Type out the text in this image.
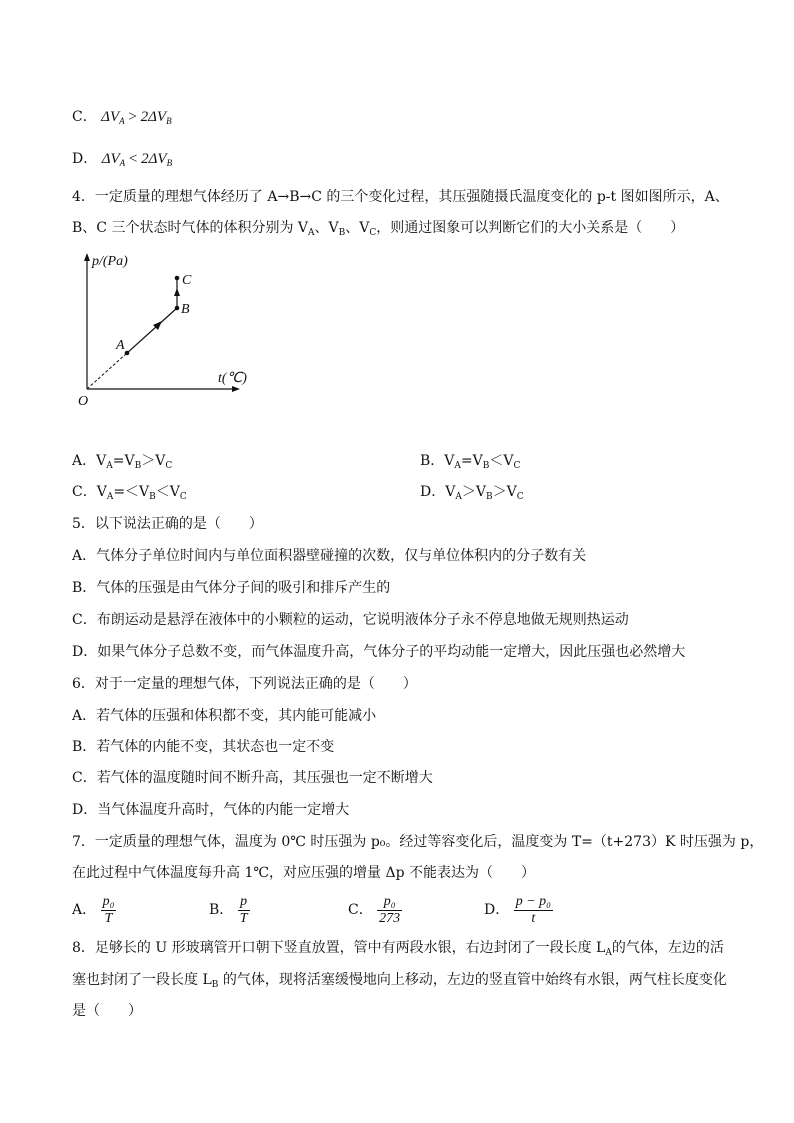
C． $\Delta V_A > 2\Delta V_B$
D． $\Delta V_A < 2\Delta V_B$
4．一定质量的理想气体经历了 A→B→C 的三个变化过程，其压强随摄氏温度变化的 p-t 图如图所示，A、
B、C 三个状态时气体的体积分别为 $V_A$、$V_B$、$V_C$，则通过图象可以判断它们的大小关系是（　　）
p/(Pa)
t(℃)
O
A
B
C
A．$V_A=V_B>V_C$	B．$V_A=V_B<V_C$
C．$V_A=<V_B<V_C$	D．$V_A>V_B>V_C$
5．以下说法正确的是（　　）
A．气体分子单位时间内与单位面积器壁碰撞的次数，仅与单位体积内的分子数有关
B．气体的压强是由气体分子间的吸引和排斥产生的
C．布朗运动是悬浮在液体中的小颗粒的运动，它说明液体分子永不停息地做无规则热运动
D．如果气体分子总数不变，而气体温度升高，气体分子的平均动能一定增大，因此压强也必然增大
6．对于一定量的理想气体，下列说法正确的是（　　）
A．若气体的压强和体积都不变，其内能可能减小
B．若气体的内能不变，其状态也一定不变
C．若气体的温度随时间不断升高，其压强也一定不断增大
D．当气体温度升高时，气体的内能一定增大
7．一定质量的理想气体，温度为 0℃ 时压强为 p₀。经过等容变化后，温度变为 T=（t+273）K 时压强为 p，
在此过程中气体温度每升高 1℃，对应压强的增量 Δp 不能表达为（　　）
A． $\frac{\text{p₀}}{T}$	B． $\frac{p}{T}$	C． $\frac{\text{p₀}}{273}$	D． $\frac{\text{p − p₀}}{t}$
8．足够长的 U 形玻璃管开口朝下竖直放置，管中有两段水银，右边封闭了一段长度 $L_A$的气体，左边的活
塞也封闭了一段长度 $L_B$ 的气体，现将活塞缓慢地向上移动，左边的竖直管中始终有水银，两气柱长度变化
是（　　）
